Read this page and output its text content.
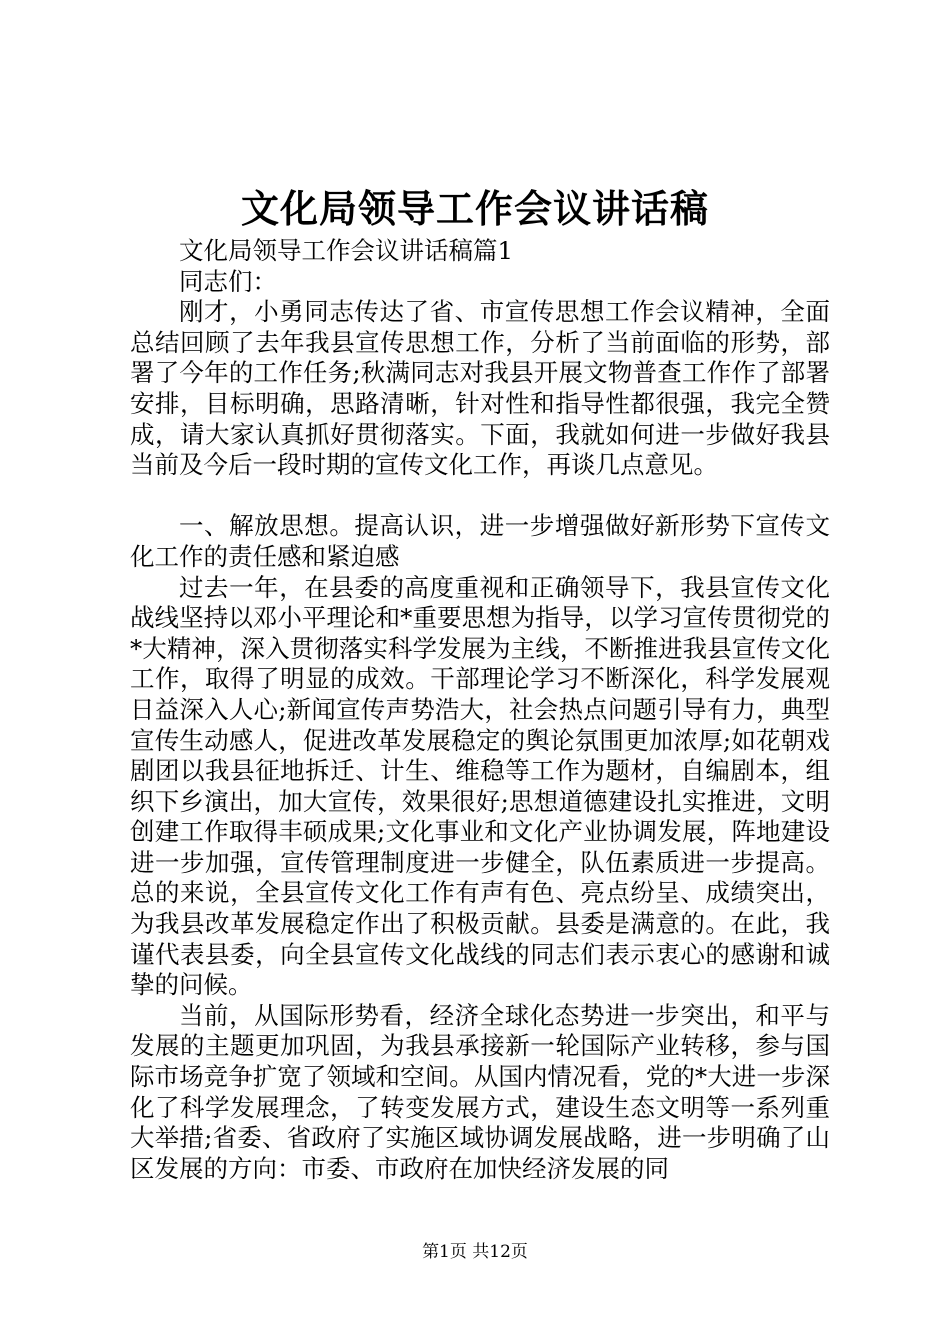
文化局领导工作会议讲话稿

文化局领导工作会议讲话稿篇1

同志们：

刚才，小勇同志传达了省、市宣传思想工作会议精神，全面总结回顾了去年我县宣传思想工作，分析了当前面临的形势，部署了今年的工作任务;秋满同志对我县开展文物普查工作作了部署安排，目标明确，思路清晰，针对性和指导性都很强，我完全赞成，请大家认真抓好贯彻落实。下面，我就如何进一步做好我县当前及今后一段时期的宣传文化工作，再谈几点意见。

一、解放思想。提高认识，进一步增强做好新形势下宣传文化工作的责任感和紧迫感

过去一年，在县委的高度重视和正确领导下，我县宣传文化战线坚持以邓小平理论和*重要思想为指导，以学习宣传贯彻党的*大精神，深入贯彻落实科学发展为主线，不断推进我县宣传文化工作，取得了明显的成效。干部理论学习不断深化，科学发展观日益深入人心;新闻宣传声势浩大，社会热点问题引导有力，典型宣传生动感人，促进改革发展稳定的舆论氛围更加浓厚;如花朝戏剧团以我县征地拆迁、计生、维稳等工作为题材，自编剧本，组织下乡演出，加大宣传，效果很好;思想道德建设扎实推进，文明创建工作取得丰硕成果;文化事业和文化产业协调发展，阵地建设进一步加强，宣传管理制度进一步健全，队伍素质进一步提高。总的来说，全县宣传文化工作有声有色、亮点纷呈、成绩突出，为我县改革发展稳定作出了积极贡献。县委是满意的。在此，我谨代表县委，向全县宣传文化战线的同志们表示衷心的感谢和诚挚的问候。

当前，从国际形势看，经济全球化态势进一步突出，和平与发展的主题更加巩固，为我县承接新一轮国际产业转移，参与国际市场竞争扩宽了领域和空间。从国内情况看，党的*大进一步深化了科学发展理念，了转变发展方式，建设生态文明等一系列重大举措;省委、省政府了实施区域协调发展战略，进一步明确了山区发展的方向：市委、市政府在加快经济发展的同

第1页 共12页
